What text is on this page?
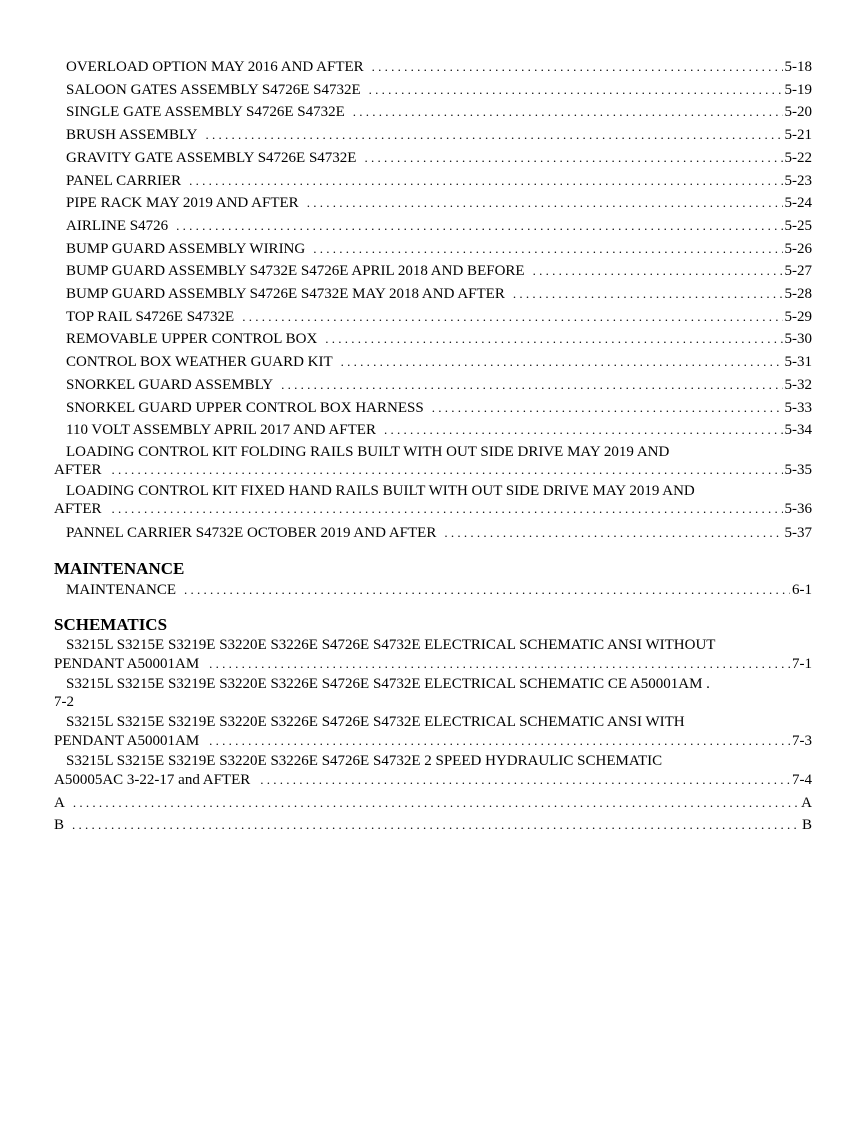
OVERLOAD OPTION MAY 2016 AND AFTER . . .	5-18
SALOON GATES ASSEMBLY S4726E S4732E . . .	5-19
SINGLE GATE ASSEMBLY S4726E S4732E . . .	5-20
BRUSH ASSEMBLY . . .	5-21
GRAVITY GATE ASSEMBLY S4726E S4732E . . .	5-22
PANEL CARRIER . . .	5-23
PIPE RACK MAY 2019 AND AFTER . . .	5-24
AIRLINE S4726 . . .	5-25
BUMP GUARD ASSEMBLY WIRING . . .	5-26
BUMP GUARD ASSEMBLY S4732E S4726E APRIL 2018 AND BEFORE . . .	5-27
BUMP GUARD ASSEMBLY S4726E S4732E MAY 2018 AND AFTER . . .	5-28
TOP RAIL S4726E S4732E . . .	5-29
REMOVABLE UPPER CONTROL BOX . . .	5-30
CONTROL BOX WEATHER GUARD KIT . . .	5-31
SNORKEL GUARD ASSEMBLY . . .	5-32
SNORKEL GUARD UPPER CONTROL BOX HARNESS . . .	5-33
110 VOLT ASSEMBLY APRIL 2017 AND AFTER . . .	5-34
LOADING CONTROL KIT FOLDING RAILS BUILT WITH OUT SIDE DRIVE MAY 2019 AND
AFTER . . .	5-35
LOADING CONTROL KIT FIXED HAND RAILS BUILT WITH OUT SIDE DRIVE MAY 2019 AND
AFTER . . .	5-36
PANNEL CARRIER S4732E OCTOBER 2019 AND AFTER . . .	5-37
MAINTENANCE
MAINTENANCE . . .	6-1
SCHEMATICS
S3215L S3215E S3219E S3220E S3226E S4726E S4732E ELECTRICAL SCHEMATIC ANSI WITHOUT
PENDANT A50001AM . . .	7-1
S3215L S3215E S3219E S3220E S3226E S4726E S4732E ELECTRICAL SCHEMATIC CE A50001AM .
7-2
S3215L S3215E S3219E S3220E S3226E S4726E S4732E ELECTRICAL SCHEMATIC ANSI WITH
PENDANT A50001AM . . .	7-3
S3215L S3215E S3219E S3220E S3226E S4726E S4732E 2 SPEED HYDRAULIC SCHEMATIC
A50005AC 3-22-17 and AFTER . . .	7-4
A . . .	A
B . . .	B
